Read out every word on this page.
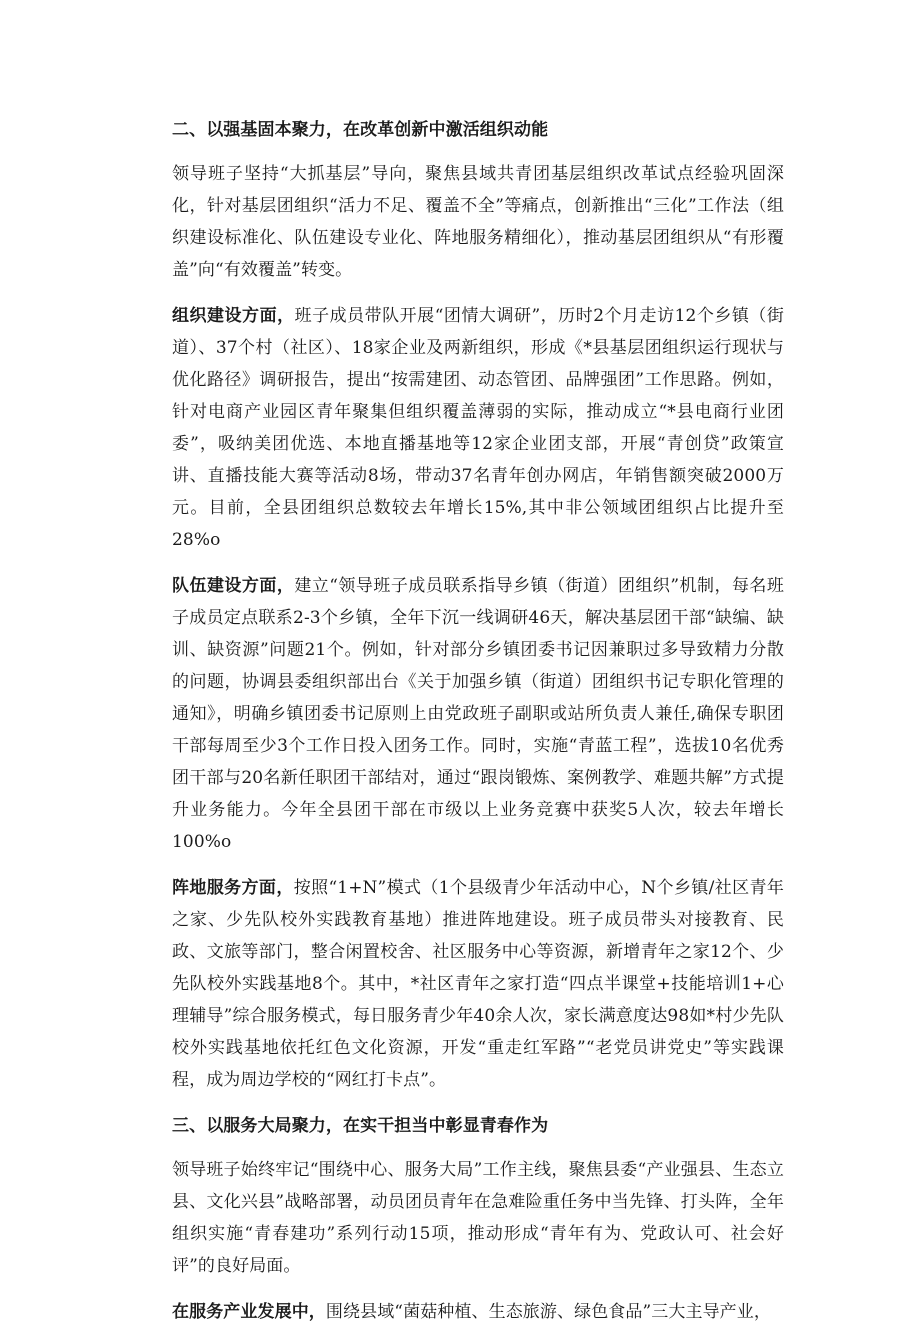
二、以强基固本聚力，在改革创新中激活组织动能

领导班子坚持“大抓基层”导向，聚焦县域共青团基层组织改革试点经验巩固深化，针对基层团组织“活力不足、覆盖不全”等痛点，创新推出“三化”工作法（组织建设标准化、队伍建设专业化、阵地服务精细化），推动基层团组织从“有形覆盖”向“有效覆盖”转变。

组织建设方面，班子成员带队开展“团情大调研”，历时2个月走访12个乡镇（街道）、37个村（社区）、18家企业及两新组织，形成《*县基层团组织运行现状与优化路径》调研报告，提出“按需建团、动态管团、品牌强团”工作思路。例如，针对电商产业园区青年聚集但组织覆盖薄弱的实际，推动成立“*县电商行业团委”，吸纳美团优选、本地直播基地等12家企业团支部，开展“青创贷”政策宣讲、直播技能大赛等活动8场，带动37名青年创办网店，年销售额突破2000万元。目前，全县团组织总数较去年增长15%,其中非公领域团组织占比提升至28%o

队伍建设方面，建立“领导班子成员联系指导乡镇（街道）团组织”机制，每名班子成员定点联系2-3个乡镇，全年下沉一线调研46天，解决基层团干部“缺编、缺训、缺资源”问题21个。例如，针对部分乡镇团委书记因兼职过多导致精力分散的问题，协调县委组织部出台《关于加强乡镇（街道）团组织书记专职化管理的通知》，明确乡镇团委书记原则上由党政班子副职或站所负责人兼任,确保专职团干部每周至少3个工作日投入团务工作。同时，实施“青蓝工程”，选拔10名优秀团干部与20名新任职团干部结对，通过“跟岗锻炼、案例教学、难题共解”方式提升业务能力。今年全县团干部在市级以上业务竞赛中获奖5人次，较去年增长100%o

阵地服务方面，按照“1+N”模式（1个县级青少年活动中心，N个乡镇/社区青年之家、少先队校外实践教育基地）推进阵地建设。班子成员带头对接教育、民政、文旅等部门，整合闲置校舍、社区服务中心等资源，新增青年之家12个、少先队校外实践基地8个。其中，*社区青年之家打造“四点半课堂+技能培训1+心理辅导”综合服务模式，每日服务青少年40余人次，家长满意度达98如*村少先队校外实践基地依托红色文化资源，开发“重走红军路”“老党员讲党史”等实践课程，成为周边学校的“网红打卡点”。

三、以服务大局聚力，在实干担当中彰显青春作为

领导班子始终牢记“围绕中心、服务大局”工作主线，聚焦县委“产业强县、生态立县、文化兴县”战略部署，动员团员青年在急难险重任务中当先锋、打头阵，全年组织实施“青春建功”系列行动15项，推动形成“青年有为、党政认可、社会好评”的良好局面。

在服务产业发展中，围绕县域“菌菇种植、生态旅游、绿色食品”三大主导产业，
